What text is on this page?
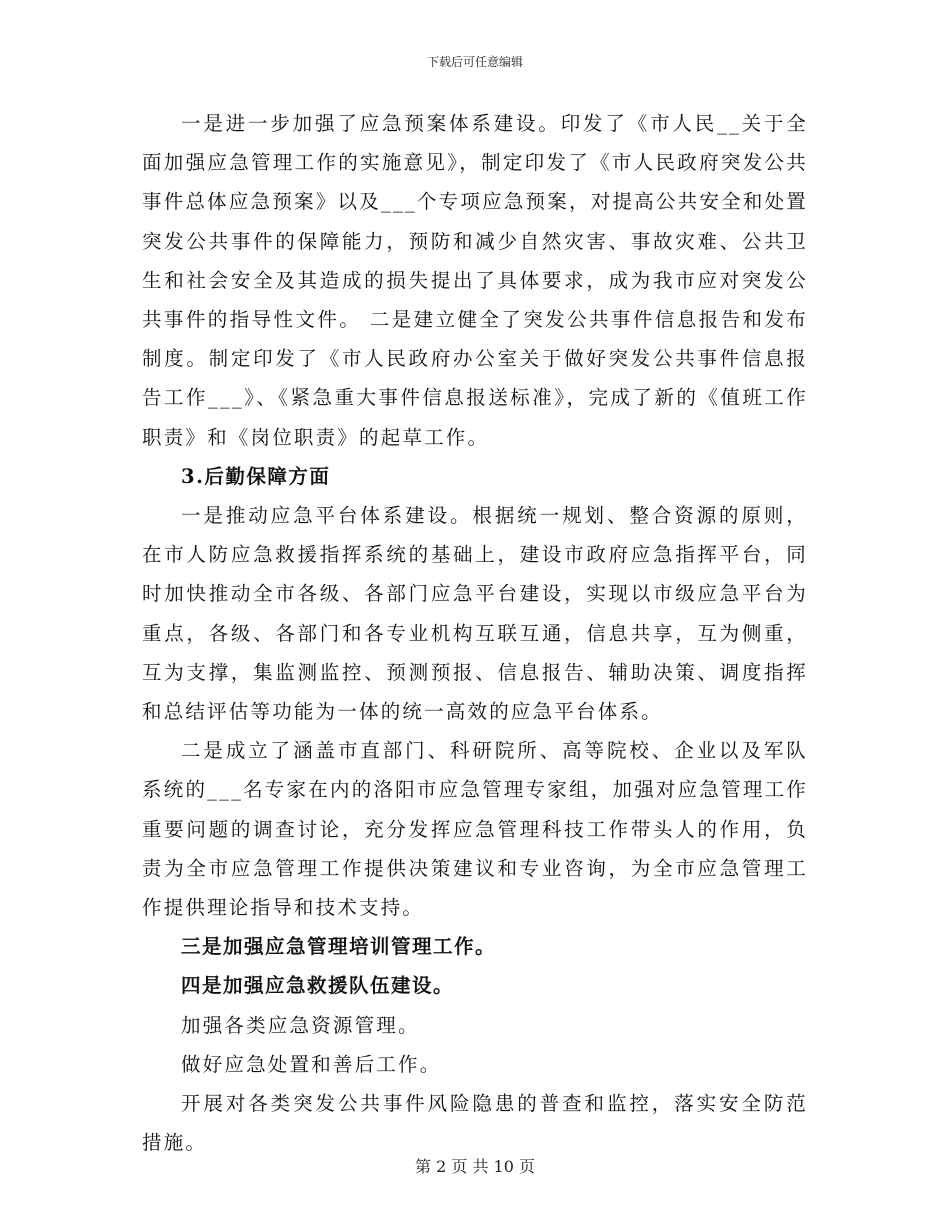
下载后可任意编辑

一是进一步加强了应急预案体系建设。印发了《市人民__关于全面加强应急管理工作的实施意见》，制定印发了《市人民政府突发公共事件总体应急预案》以及___个专项应急预案，对提高公共安全和处置突发公共事件的保障能力，预防和减少自然灾害、事故灾难、公共卫生和社会安全及其造成的损失提出了具体要求，成为我市应对突发公共事件的指导性文件。 二是建立健全了突发公共事件信息报告和发布制度。制定印发了《市人民政府办公室关于做好突发公共事件信息报告工作___》、《紧急重大事件信息报送标准》，完成了新的《值班工作职责》和《岗位职责》的起草工作。

3.后勤保障方面

一是推动应急平台体系建设。根据统一规划、整合资源的原则，在市人防应急救援指挥系统的基础上，建设市政府应急指挥平台，同时加快推动全市各级、各部门应急平台建设，实现以市级应急平台为重点，各级、各部门和各专业机构互联互通，信息共享，互为侧重，互为支撑，集监测监控、预测预报、信息报告、辅助决策、调度指挥和总结评估等功能为一体的统一高效的应急平台体系。

二是成立了涵盖市直部门、科研院所、高等院校、企业以及军队系统的___名专家在内的洛阳市应急管理专家组，加强对应急管理工作重要问题的调查讨论，充分发挥应急管理科技工作带头人的作用，负责为全市应急管理工作提供决策建议和专业咨询，为全市应急管理工作提供理论指导和技术支持。

三是加强应急管理培训管理工作。

四是加强应急救援队伍建设。

加强各类应急资源管理。

做好应急处置和善后工作。

开展对各类突发公共事件风险隐患的普查和监控，落实安全防范措施。

第 2 页 共 10 页
